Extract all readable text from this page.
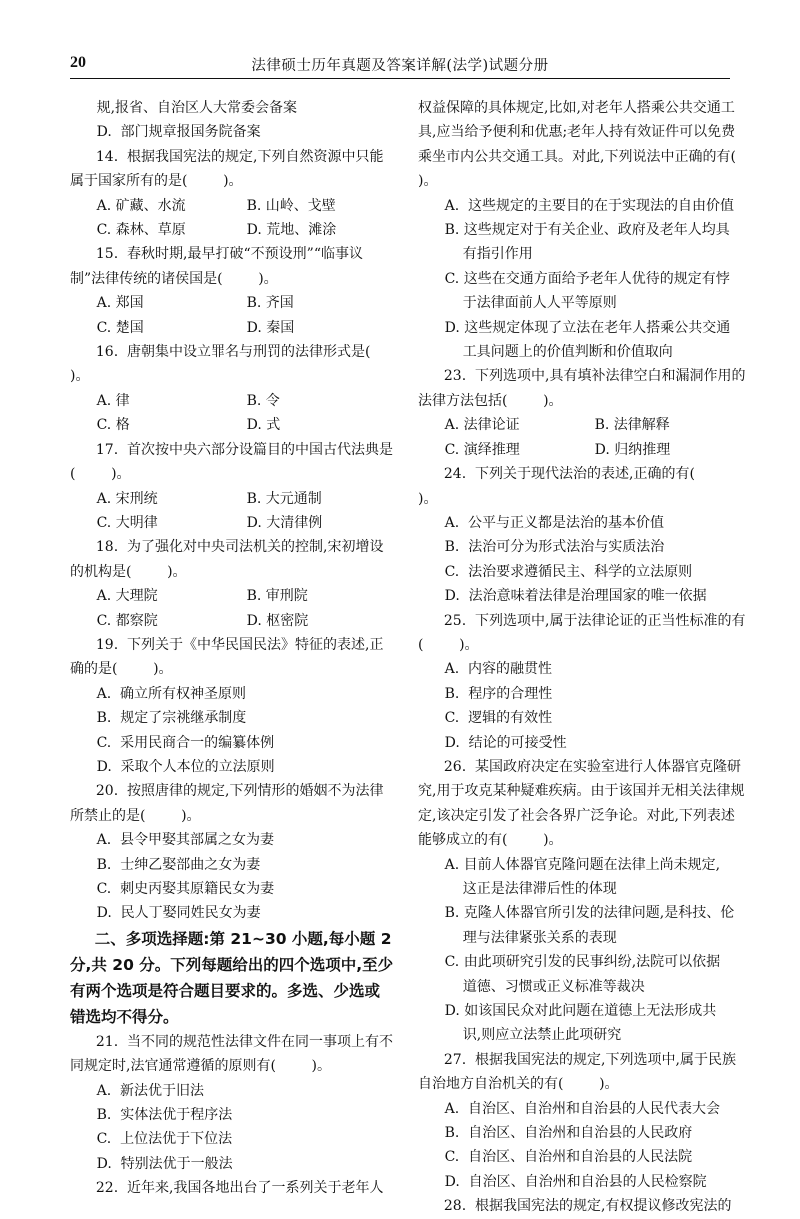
20	法律硕士历年真题及答案详解(法学)试题分册

规,报省、自治区人大常委会备案

D.  部门规章报国务院备案

14.  根据我国宪法的规定,下列自然资源中只能属于国家所有的是(        )。

A. 矿藏、水流	B. 山岭、戈壁
C. 森林、草原	D. 荒地、滩涂

15.  春秋时期,最早打破“不预设刑”“临事议制”法律传统的诸侯国是(        )。

A. 郑国	B. 齐国
C. 楚国	D. 秦国

16.  唐朝集中设立罪名与刑罚的法律形式是(        )。

A. 律	B. 令
C. 格	D. 式

17.  首次按中央六部分设篇目的中国古代法典是(        )。

A. 宋刑统	B. 大元通制
C. 大明律	D. 大清律例

18.  为了强化对中央司法机关的控制,宋初增设的机构是(        )。

A. 大理院	B. 审刑院
C. 都察院	D. 枢密院

19.  下列关于《中华民国民法》特征的表述,正确的是(        )。

A.  确立所有权神圣原则

B.  规定了宗祧继承制度

C.  采用民商合一的编纂体例

D.  采取个人本位的立法原则

20.  按照唐律的规定,下列情形的婚姻不为法律所禁止的是(        )。

A.  县令甲娶其部属之女为妻

B.  士绅乙娶部曲之女为妻

C.  刺史丙娶其原籍民女为妻

D.  民人丁娶同姓民女为妻

二、多项选择题:第 21~30 小题,每小题 2 分,共 20 分。下列每题给出的四个选项中,至少有两个选项是符合题目要求的。多选、少选或错选均不得分。

21.  当不同的规范性法律文件在同一事项上有不同规定时,法官通常遵循的原则有(        )。

A.  新法优于旧法

B.  实体法优于程序法

C.  上位法优于下位法

D.  特别法优于一般法

22.  近年来,我国各地出台了一系列关于老年人

权益保障的具体规定,比如,对老年人搭乘公共交通工具,应当给予便利和优惠;老年人持有效证件可以免费乘坐市内公共交通工具。对此,下列说法中正确的有(        )。

A.  这些规定的主要目的在于实现法的自由价值

B. 这些规定对于有关企业、政府及老年人均具
有指引作用
C. 这些在交通方面给予老年人优待的规定有悖
于法律面前人人平等原则
D. 这些规定体现了立法在老年人搭乘公共交通
工具问题上的价值判断和价值取向

23.  下列选项中,具有填补法律空白和漏洞作用的法律方法包括(        )。

A. 法律论证	B. 法律解释
C. 演绎推理	D. 归纳推理

24.  下列关于现代法治的表述,正确的有(        )。

A.  公平与正义都是法治的基本价值

B.  法治可分为形式法治与实质法治

C.  法治要求遵循民主、科学的立法原则

D.  法治意味着法律是治理国家的唯一依据

25.  下列选项中,属于法律论证的正当性标准的有(        )。

A.  内容的融贯性

B.  程序的合理性

C.  逻辑的有效性

D.  结论的可接受性

26.  某国政府决定在实验室进行人体器官克隆研究,用于攻克某种疑难疾病。由于该国并无相关法律规定,该决定引发了社会各界广泛争论。对此,下列表述能够成立的有(        )。

A. 目前人体器官克隆问题在法律上尚未规定,
这正是法律滞后性的体现
B. 克隆人体器官所引发的法律问题,是科技、伦
理与法律紧张关系的表现
C. 由此项研究引发的民事纠纷,法院可以依据
道德、习惯或正义标准等裁决
D. 如该国民众对此问题在道德上无法形成共
识,则应立法禁止此项研究

27.  根据我国宪法的规定,下列选项中,属于民族自治地方自治机关的有(        )。

A.  自治区、自治州和自治县的人民代表大会

B.  自治区、自治州和自治县的人民政府

C.  自治区、自治州和自治县的人民法院

D.  自治区、自治州和自治县的人民检察院

28.  根据我国宪法的规定,有权提议修改宪法的
